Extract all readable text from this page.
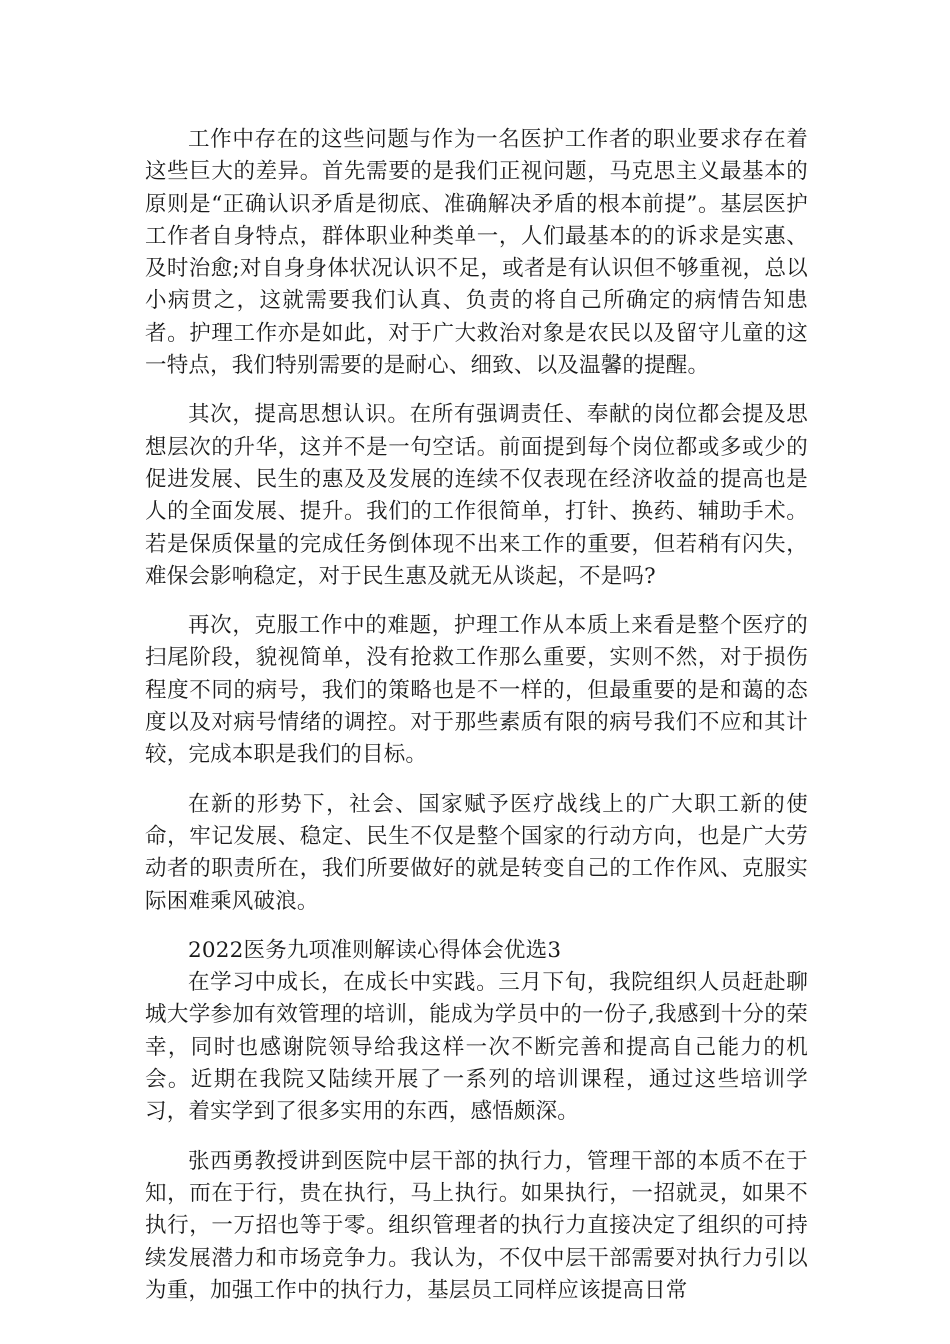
工作中存在的这些问题与作为一名医护工作者的职业要求存在着这些巨大的差异。首先需要的是我们正视问题，马克思主义最基本的原则是“正确认识矛盾是彻底、准确解决矛盾的根本前提”。基层医护工作者自身特点，群体职业种类单一，人们最基本的的诉求是实惠、及时治愈;对自身身体状况认识不足，或者是有认识但不够重视，总以小病贯之，这就需要我们认真、负责的将自己所确定的病情告知患者。护理工作亦是如此，对于广大救治对象是农民以及留守儿童的这一特点，我们特别需要的是耐心、细致、以及温馨的提醒。

其次，提高思想认识。在所有强调责任、奉献的岗位都会提及思想层次的升华，这并不是一句空话。前面提到每个岗位都或多或少的促进发展、民生的惠及及发展的连续不仅表现在经济收益的提高也是人的全面发展、提升。我们的工作很简单，打针、换药、辅助手术。若是保质保量的完成任务倒体现不出来工作的重要，但若稍有闪失，难保会影响稳定，对于民生惠及就无从谈起，不是吗?

再次，克服工作中的难题，护理工作从本质上来看是整个医疗的扫尾阶段，貌视简单，没有抢救工作那么重要，实则不然，对于损伤程度不同的病号，我们的策略也是不一样的，但最重要的是和蔼的态度以及对病号情绪的调控。对于那些素质有限的病号我们不应和其计较，完成本职是我们的目标。

在新的形势下，社会、国家赋予医疗战线上的广大职工新的使命，牢记发展、稳定、民生不仅是整个国家的行动方向，也是广大劳动者的职责所在，我们所要做好的就是转变自己的工作作风、克服实际困难乘风破浪。

2022医务九项准则解读心得体会优选3

在学习中成长，在成长中实践。三月下旬，我院组织人员赶赴聊城大学参加有效管理的培训，能成为学员中的一份子,我感到十分的荣幸，同时也感谢院领导给我这样一次不断完善和提高自己能力的机会。近期在我院又陆续开展了一系列的培训课程，通过这些培训学习，着实学到了很多实用的东西，感悟颇深。

张西勇教授讲到医院中层干部的执行力，管理干部的本质不在于知，而在于行，贵在执行，马上执行。如果执行，一招就灵，如果不执行，一万招也等于零。组织管理者的执行力直接决定了组织的可持续发展潜力和市场竞争力。我认为，不仅中层干部需要对执行力引以为重，加强工作中的执行力，基层员工同样应该提高日常
